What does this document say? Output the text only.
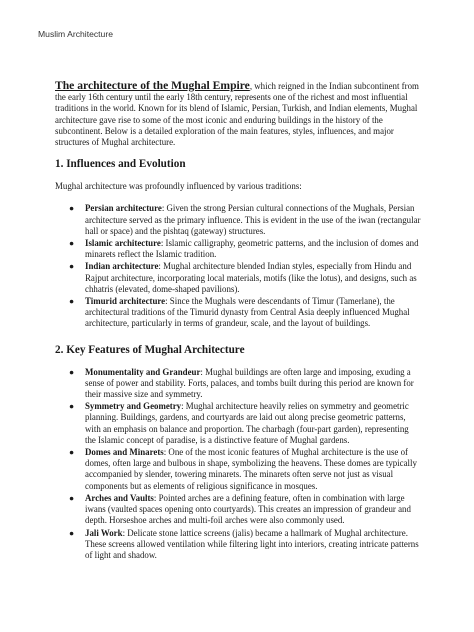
Muslim Architecture

The architecture of the Mughal Empire, which reigned in the Indian subcontinent from the early 16th century until the early 18th century, represents one of the richest and most influential traditions in the world. Known for its blend of Islamic, Persian, Turkish, and Indian elements, Mughal architecture gave rise to some of the most iconic and enduring buildings in the history of the subcontinent. Below is a detailed exploration of the main features, styles, influences, and major structures of Mughal architecture.

1. Influences and Evolution

Mughal architecture was profoundly influenced by various traditions:

● Persian architecture: Given the strong Persian cultural connections of the Mughals, Persian architecture served as the primary influence. This is evident in the use of the iwan (rectangular hall or space) and the pishtaq (gateway) structures.
● Islamic architecture: Islamic calligraphy, geometric patterns, and the inclusion of domes and minarets reflect the Islamic tradition.
● Indian architecture: Mughal architecture blended Indian styles, especially from Hindu and Rajput architecture, incorporating local materials, motifs (like the lotus), and designs, such as chhatris (elevated, dome-shaped pavilions).
● Timurid architecture: Since the Mughals were descendants of Timur (Tamerlane), the architectural traditions of the Timurid dynasty from Central Asia deeply influenced Mughal architecture, particularly in terms of grandeur, scale, and the layout of buildings.
2. Key Features of Mughal Architecture
● Monumentality and Grandeur: Mughal buildings are often large and imposing, exuding a sense of power and stability. Forts, palaces, and tombs built during this period are known for their massive size and symmetry.
● Symmetry and Geometry: Mughal architecture heavily relies on symmetry and geometric planning. Buildings, gardens, and courtyards are laid out along precise geometric patterns, with an emphasis on balance and proportion. The charbagh (four-part garden), representing the Islamic concept of paradise, is a distinctive feature of Mughal gardens.
● Domes and Minarets: One of the most iconic features of Mughal architecture is the use of domes, often large and bulbous in shape, symbolizing the heavens. These domes are typically accompanied by slender, towering minarets. The minarets often serve not just as visual components but as elements of religious significance in mosques.
● Arches and Vaults: Pointed arches are a defining feature, often in combination with large iwans (vaulted spaces opening onto courtyards). This creates an impression of grandeur and depth. Horseshoe arches and multi-foil arches were also commonly used.
● Jali Work: Delicate stone lattice screens (jalis) became a hallmark of Mughal architecture. These screens allowed ventilation while filtering light into interiors, creating intricate patterns of light and shadow.
